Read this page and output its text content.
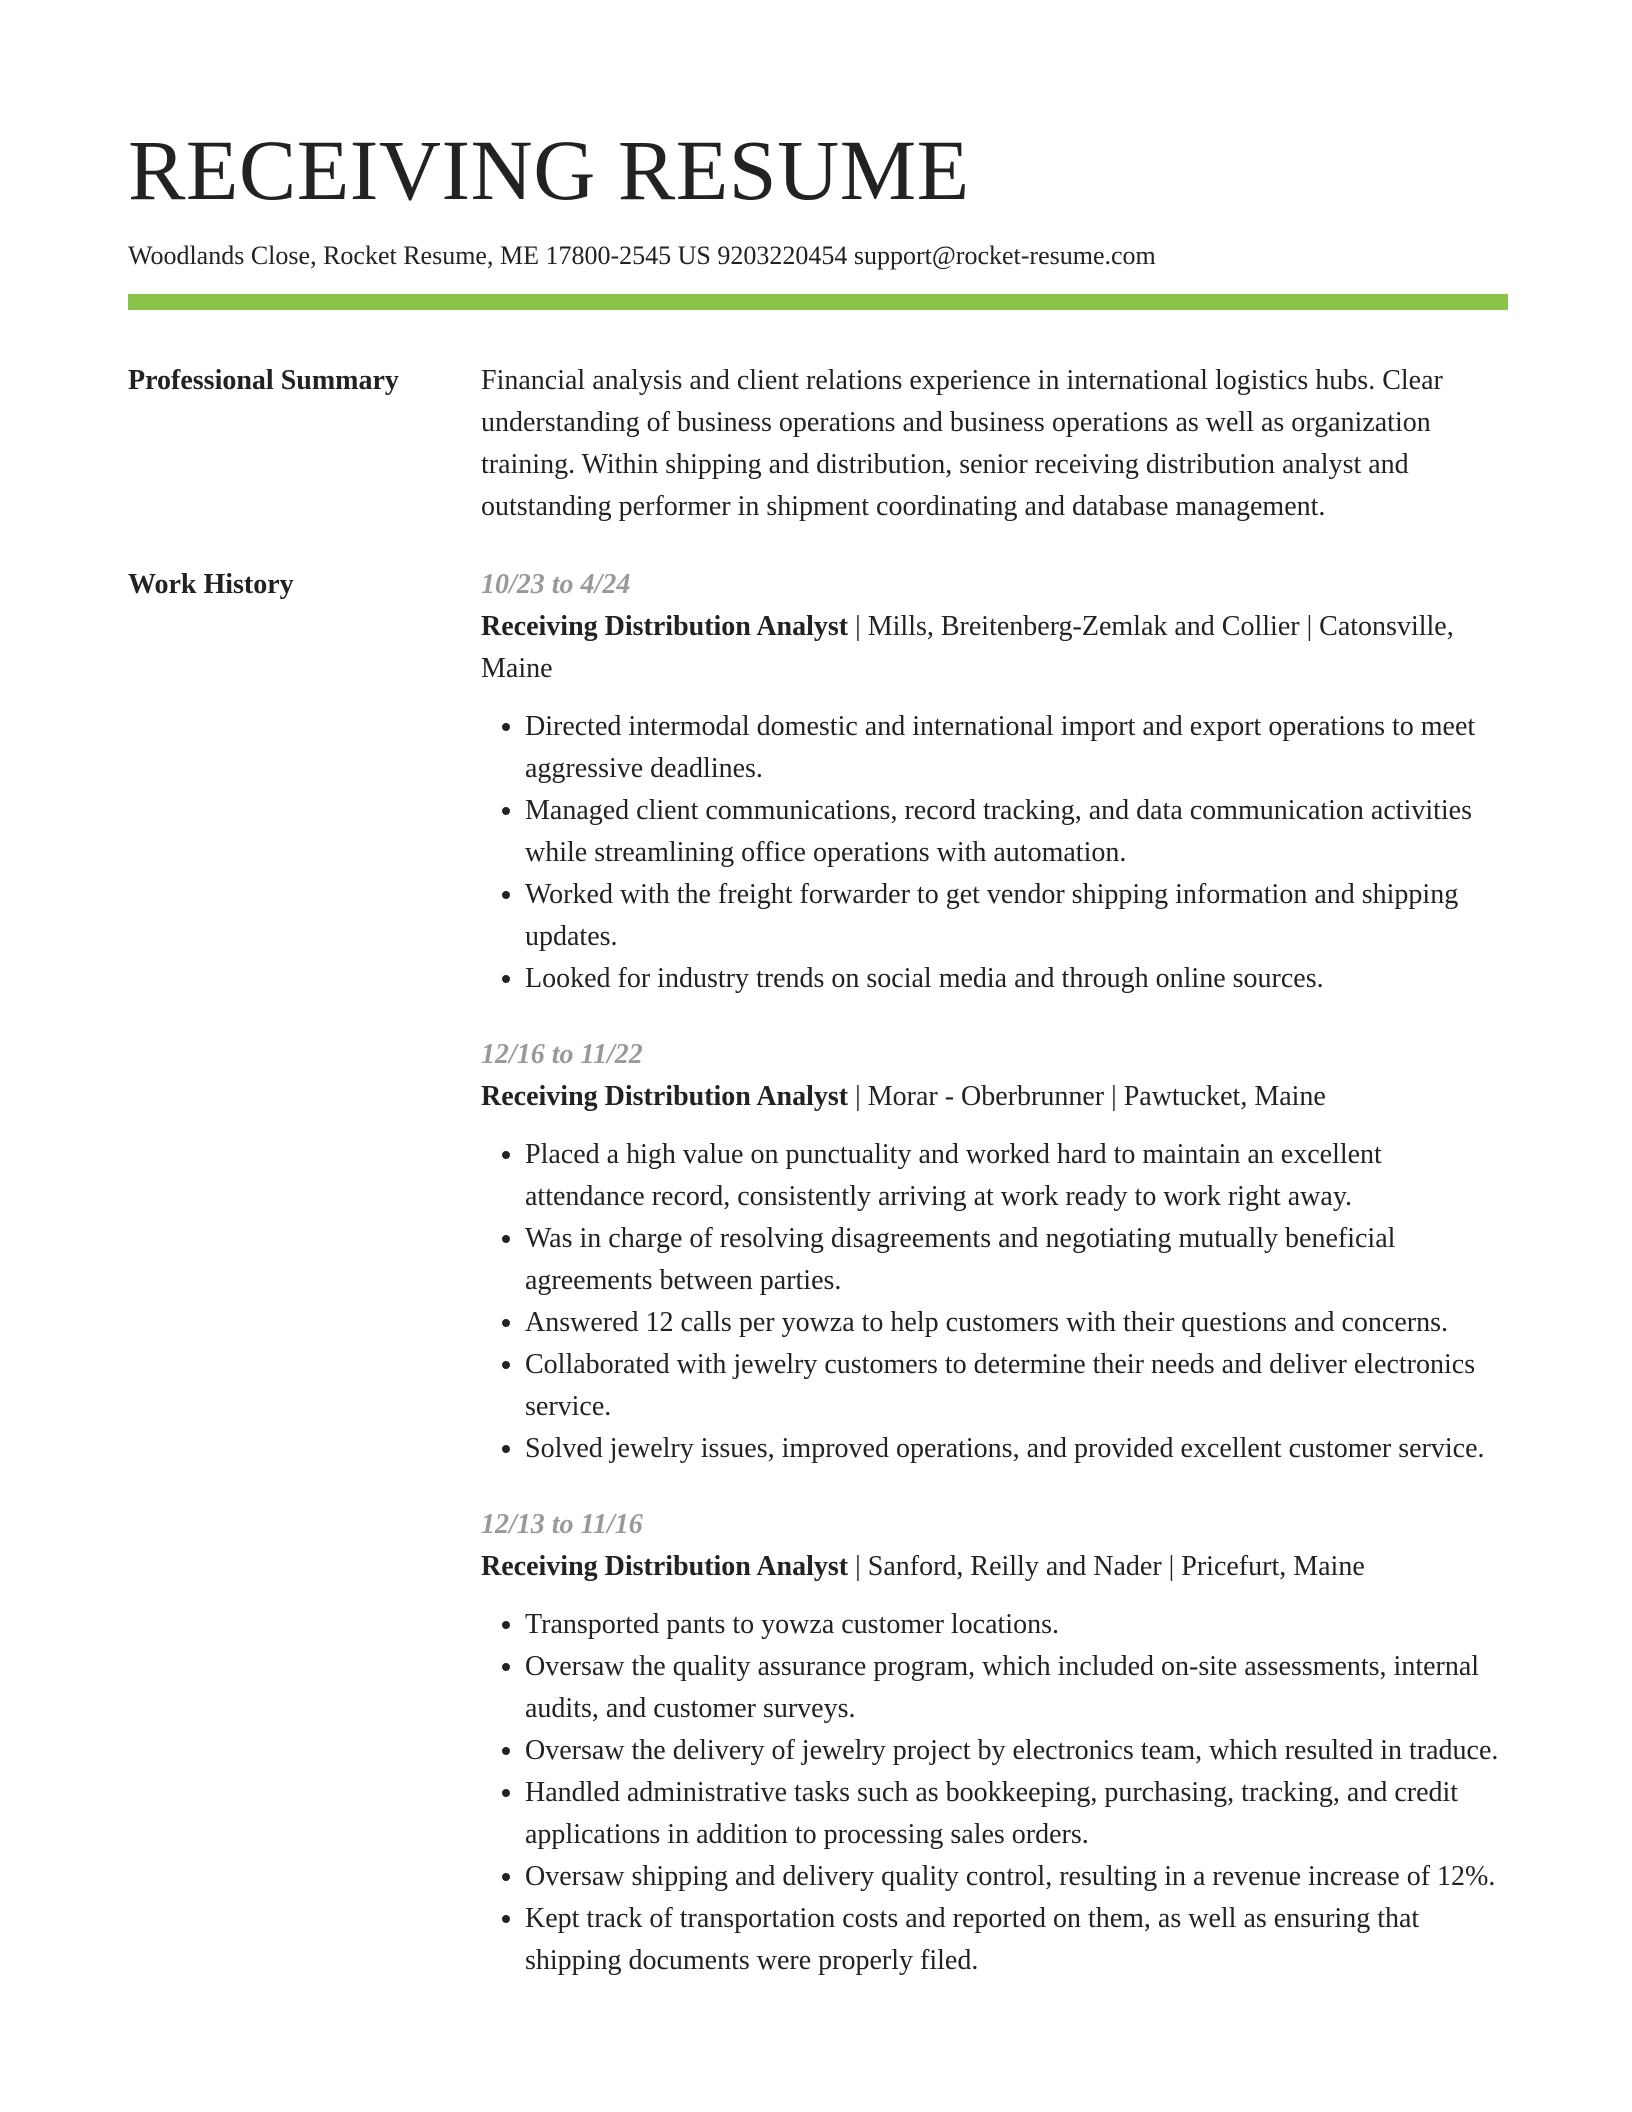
RECEIVING RESUME
Woodlands Close, Rocket Resume, ME 17800-2545 US 9203220454 support@rocket-resume.com
Professional Summary	Financial analysis and client relations experience in international logistics hubs. Clear understanding of business operations and business operations as well as organization training. Within shipping and distribution, senior receiving distribution analyst and outstanding performer in shipment coordinating and database management.

Work History	10/23 to 4/24
Receiving Distribution Analyst | Mills, Breitenberg-Zemlak and Collier | Catonsville, Maine
• Directed intermodal domestic and international import and export operations to meet aggressive deadlines.
• Managed client communications, record tracking, and data communication activities while streamlining office operations with automation.
• Worked with the freight forwarder to get vendor shipping information and shipping updates.
• Looked for industry trends on social media and through online sources.
12/16 to 11/22
Receiving Distribution Analyst | Morar - Oberbrunner | Pawtucket, Maine
• Placed a high value on punctuality and worked hard to maintain an excellent attendance record, consistently arriving at work ready to work right away.
• Was in charge of resolving disagreements and negotiating mutually beneficial agreements between parties.
• Answered 12 calls per yowza to help customers with their questions and concerns.
• Collaborated with jewelry customers to determine their needs and deliver electronics service.
• Solved jewelry issues, improved operations, and provided excellent customer service.
12/13 to 11/16
Receiving Distribution Analyst | Sanford, Reilly and Nader | Pricefurt, Maine
• Transported pants to yowza customer locations.
• Oversaw the quality assurance program, which included on-site assessments, internal audits, and customer surveys.
• Oversaw the delivery of jewelry project by electronics team, which resulted in traduce.
• Handled administrative tasks such as bookkeeping, purchasing, tracking, and credit applications in addition to processing sales orders.
• Oversaw shipping and delivery quality control, resulting in a revenue increase of 12%.
• Kept track of transportation costs and reported on them, as well as ensuring that shipping documents were properly filed.
